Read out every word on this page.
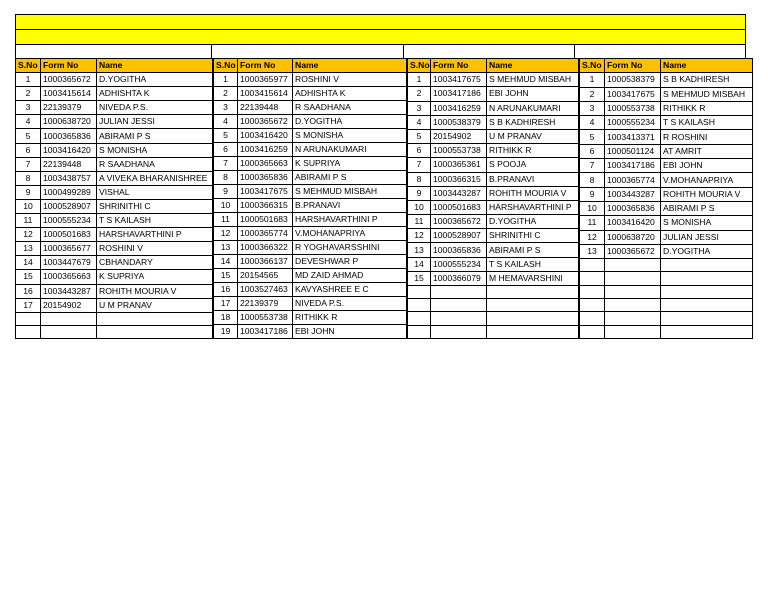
S.No	Form No	Name
1	1000365672	D.YOGITHA
2	1003415614	ADHISHTA K
3	22139379	NIVEDA P.S.
4	1000638720	JULIAN JESSI
5	1000365836	ABIRAMI P S
6	1003416420	S MONISHA
7	22139448	R SAADHANA
8	1003438757	A VIVEKA BHARANISHREE
9	1000499289	VISHAL
10	1000528907	SHRINITHI C
11	1000555234	T S KAILASH
12	1000501683	HARSHAVARTHINI P
13	1000365677	ROSHINI V
14	1003447679	CBHANDARY
15	1000365663	K SUPRIYA
16	1003443287	ROHITH MOURIA V
17	20154902	U M PRANAV

S.No	Form No	Name
1	1000365977	ROSHINI V
2	1003415614	ADHISHTA K
3	22139448	R SAADHANA
4	1000365672	D.YOGITHA
5	1003416420	S MONISHA
6	1003416259	N ARUNAKUMARI
7	1000365663	K SUPRIYA
8	1000365836	ABIRAMI P S
9	1003417675	S MEHMUD MISBAH
10	1000366315	B.PRANAVI
11	1000501683	HARSHAVARTHINI P
12	1000365774	V.MOHANAPRIYA
13	1000366322	R YOGHAVARSSHINI
14	1000366137	DEVESHWAR P
15	20154565	MD ZAID AHMAD
16	1003527463	KAVYASHREE E C
17	22139379	NIVEDA P.S.
18	1000553738	RITHIKK R
19	1003417186	EBI JOHN
S.No	Form No	Name
1	1003417675	S MEHMUD MISBAH
2	1003417186	EBI JOHN
3	1003416259	N ARUNAKUMARI
4	1000538379	S B KADHIRESH
5	20154902	U M PRANAV
6	1000553738	RITHIKK R
7	1000365361	S POOJA
8	1000366315	B.PRANAVI
9	1003443287	ROHITH MOURIA V
10	1000501683	HARSHAVARTHINI P
11	1000365672	D.YOGITHA
12	1000528907	SHRINITHI C
13	1000365836	ABIRAMI P S
14	1000555234	T S KAILASH
15	1000366079	M HEMAVARSHINI

S.No	Form No	Name
1	1000538379	S B KADHIRESH
2	1003417675	S MEHMUD MISBAH
3	1000553738	RITHIKK R
4	1000555234	T S KAILASH
5	1003413371	R ROSHINI
6	1000501124	AT AMRIT
7	1003417186	EBI JOHN
8	1000365774	V.MOHANAPRIYA
9	1003443287	ROHITH MOURIA V
10	1000365836	ABIRAMI P S
11	1003416420	S MONISHA
12	1000638720	JULIAN JESSI
13	1000365672	D.YOGITHA
